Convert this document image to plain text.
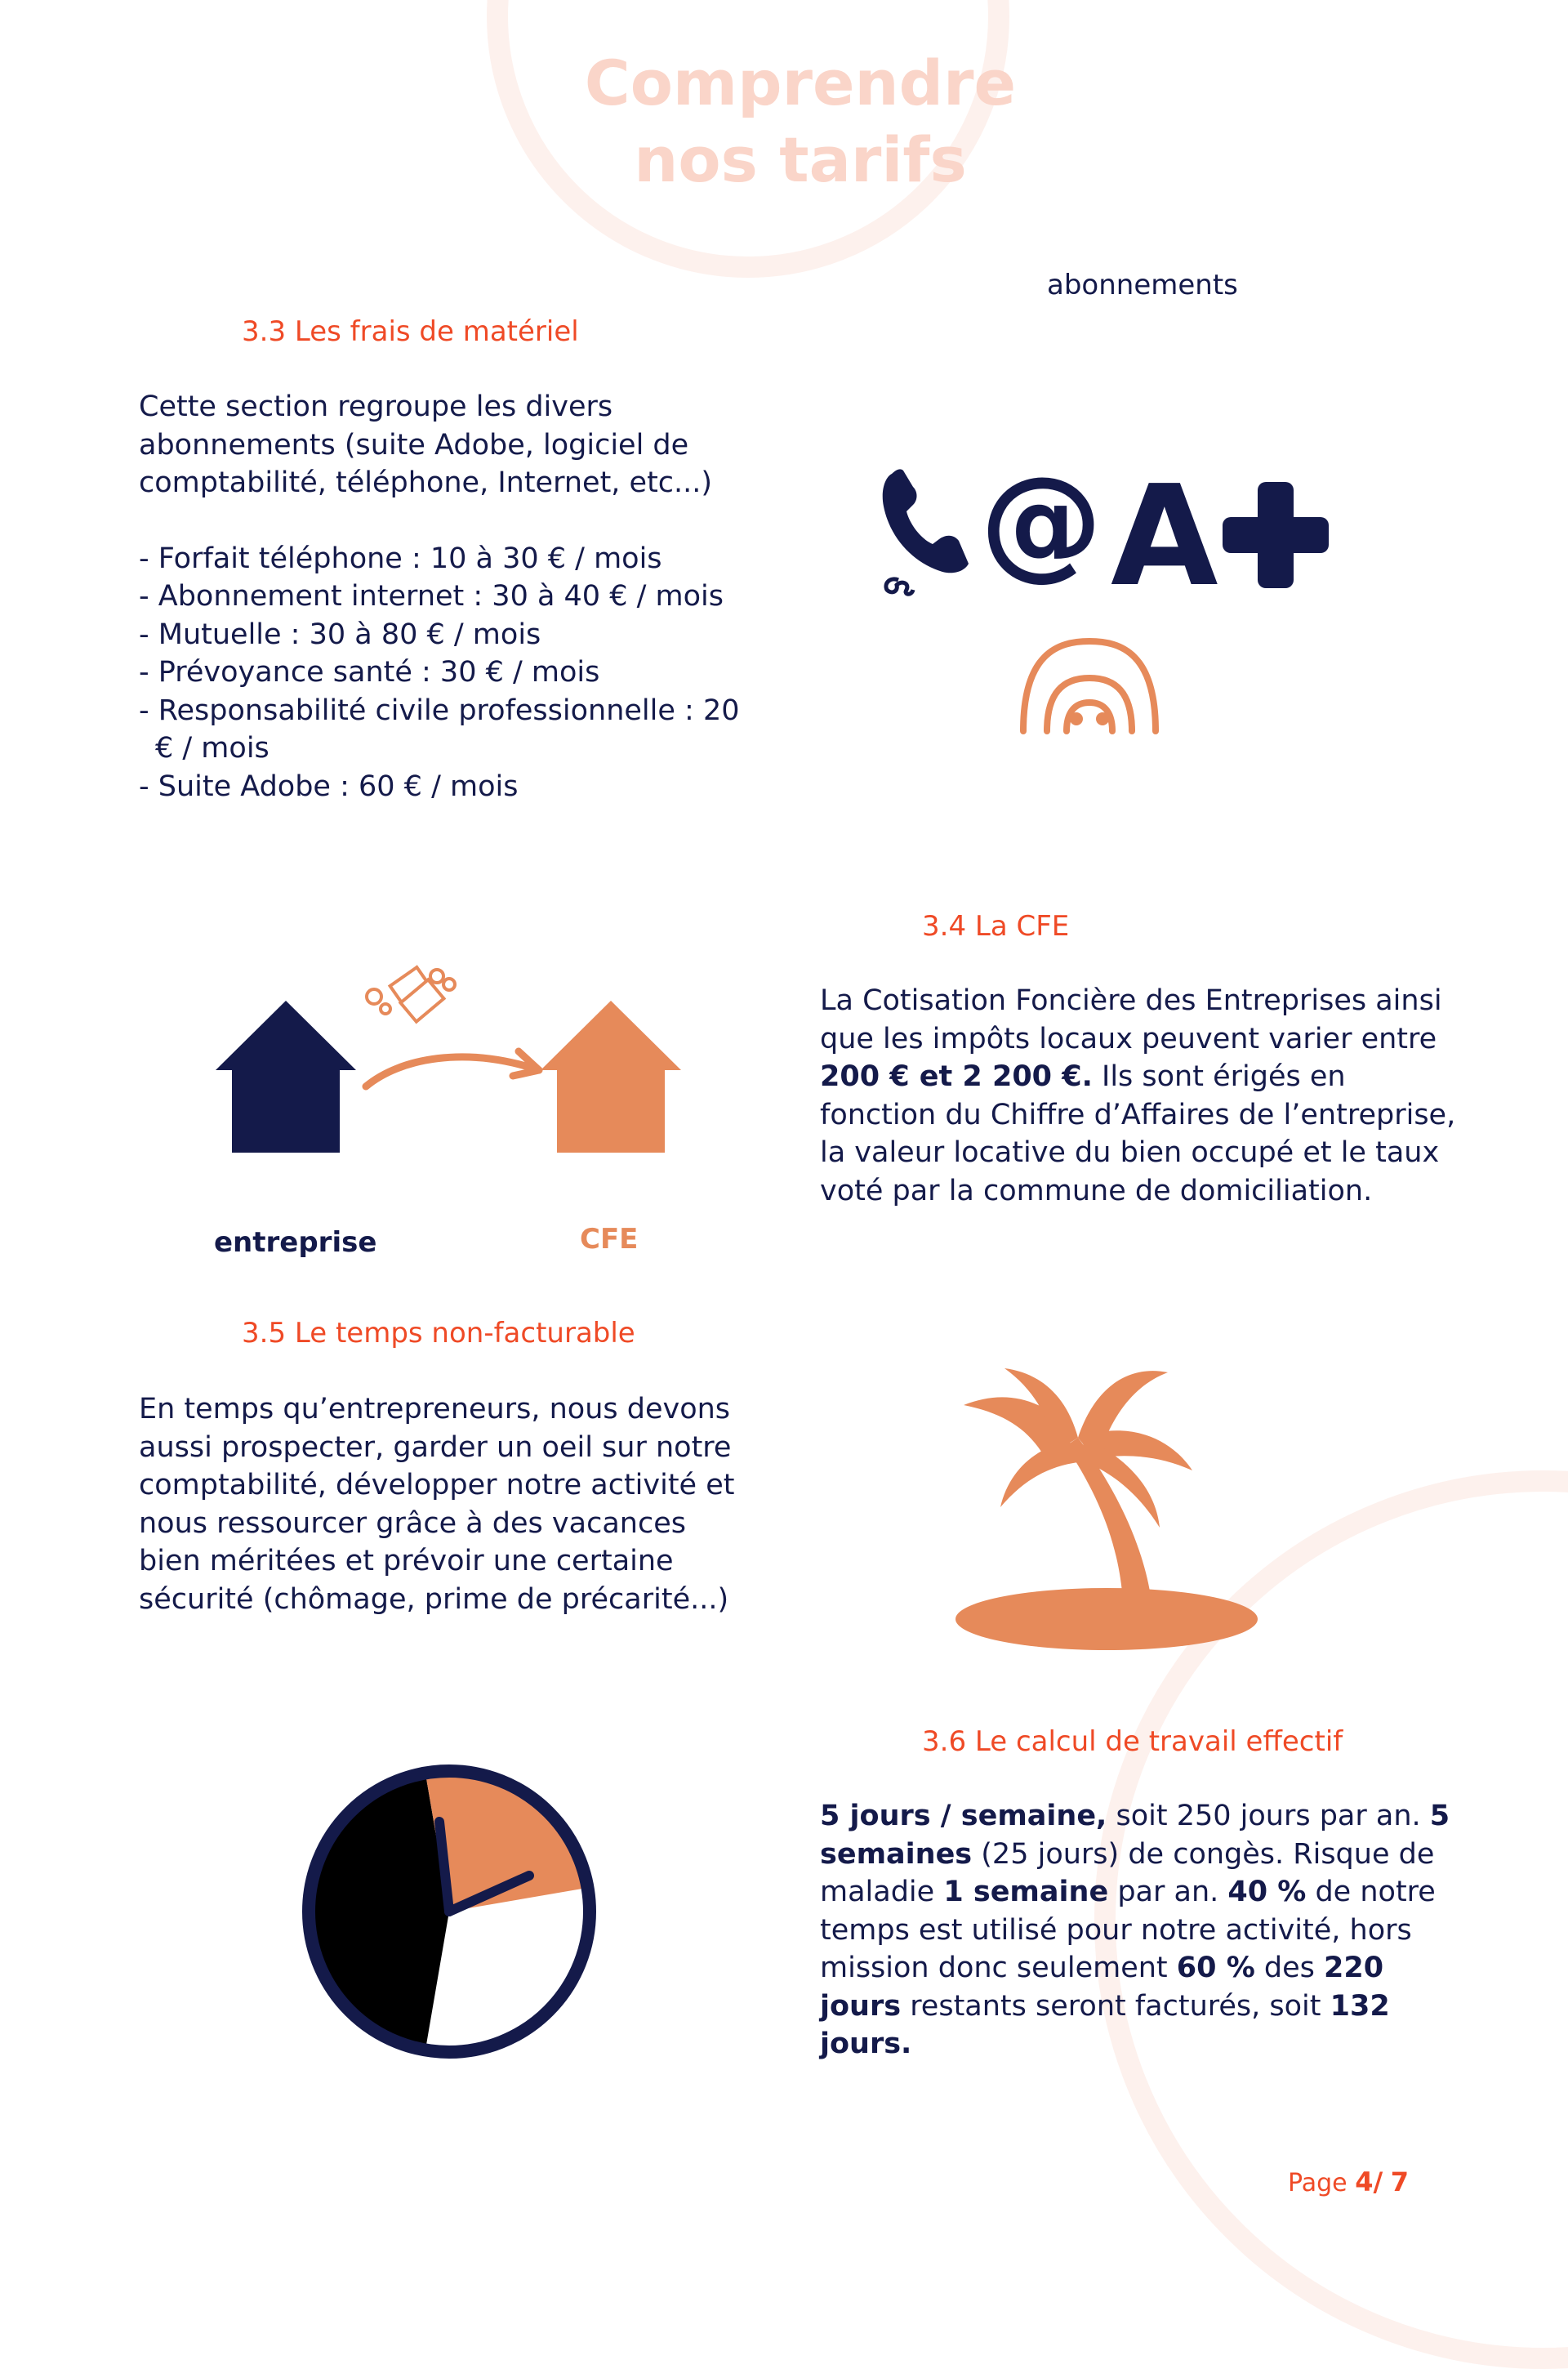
Comprendre
nos tarifs
3.3 Les frais de matériel

Cette section regroupe les divers abonnements (suite Adobe, logiciel de comptabilité, téléphone, Internet, etc...)

- Forfait téléphone : 10 à 30 € / mois
- Abonnement internet : 30 à 40 € / mois
- Mutuelle : 30 à 80 € / mois
- Prévoyance santé : 30 € / mois
- Responsabilité civile professionnelle : 20 € / mois
- Suite Adobe : 60 € / mois
abonnements
@ A
entreprise	CFE
3.4 La CFE

La Cotisation Foncière des Entreprises ainsi que les impôts locaux peuvent varier entre 200 € et 2 200 €. Ils sont érigés en fonction du Chiffre d’Affaires de l’entreprise, la valeur locative du bien occupé et le taux voté par la commune de domiciliation.

3.5 Le temps non-facturable

En temps qu’entrepreneurs, nous devons aussi prospecter, garder un oeil sur notre comptabilité, développer notre activité et nous ressourcer grâce à des vacances bien méritées et prévoir une certaine sécurité (chômage, prime de précarité...)

3.6 Le calcul de travail effectif

5 jours / semaine, soit 250 jours par an. 5 semaines (25 jours) de congès. Risque de maladie 1 semaine par an. 40 % de notre temps est utilisé pour notre activité, hors mission donc seulement 60 % des 220 jours restants seront facturés, soit 132 jours.

Page 4/ 7
